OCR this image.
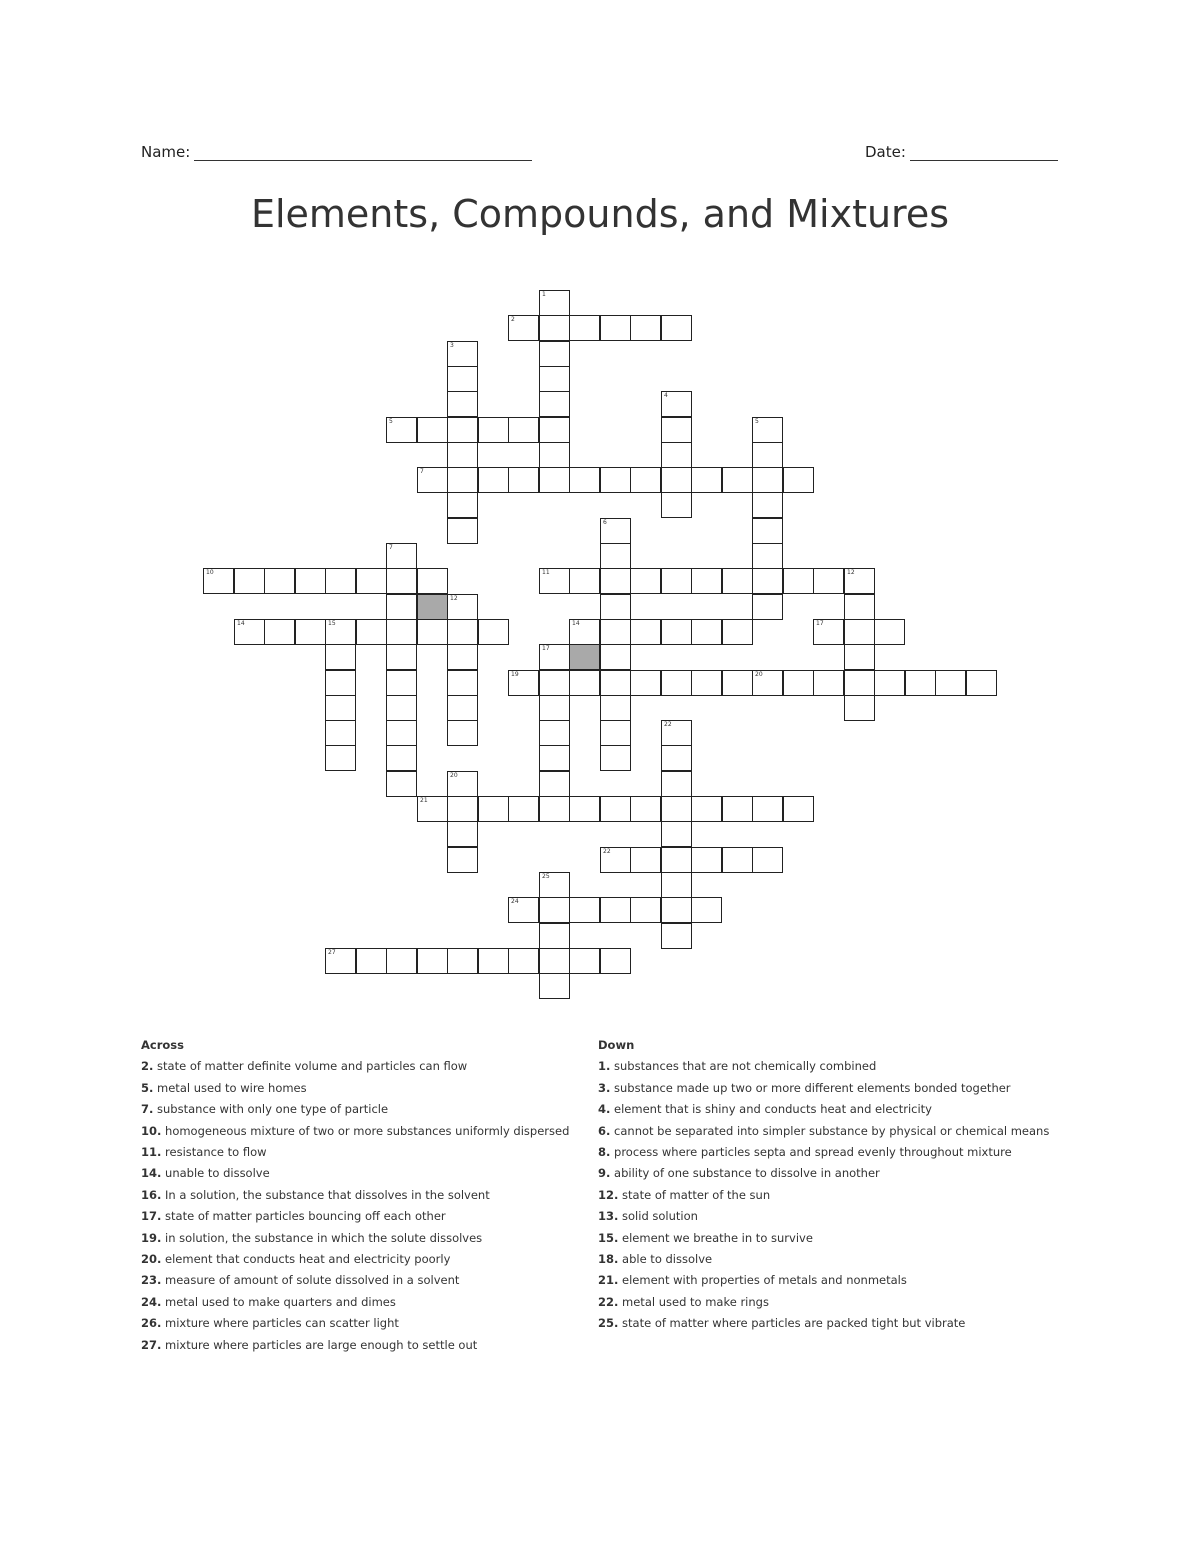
Name:	Date:
Elements, Compounds, and Mixtures
2
5
7
10	11
14	15	14	17
19	20
21
22
24
27
1
3
4
5
6
7
12
12
17
22
20
25
Across
2. state of matter definite volume and particles can flow
5. metal used to wire homes
7. substance with only one type of particle
10. homogeneous mixture of two or more substances uniformly dispersed
11. resistance to flow
14. unable to dissolve
16. In a solution, the substance that dissolves in the solvent
17. state of matter particles bouncing off each other
19. in solution, the substance in which the solute dissolves
20. element that conducts heat and electricity poorly
23. measure of amount of solute dissolved in a solvent
24. metal used to make quarters and dimes
26. mixture where particles can scatter light
27. mixture where particles are large enough to settle out
Down
1. substances that are not chemically combined
3. substance made up two or more different elements bonded together
4. element that is shiny and conducts heat and electricity
6. cannot be separated into simpler substance by physical or chemical means
8. process where particles septa and spread evenly throughout mixture
9. ability of one substance to dissolve in another
12. state of matter of the sun
13. solid solution
15. element we breathe in to survive
18. able to dissolve
21. element with properties of metals and nonmetals
22. metal used to make rings
25. state of matter where particles are packed tight but vibrate
